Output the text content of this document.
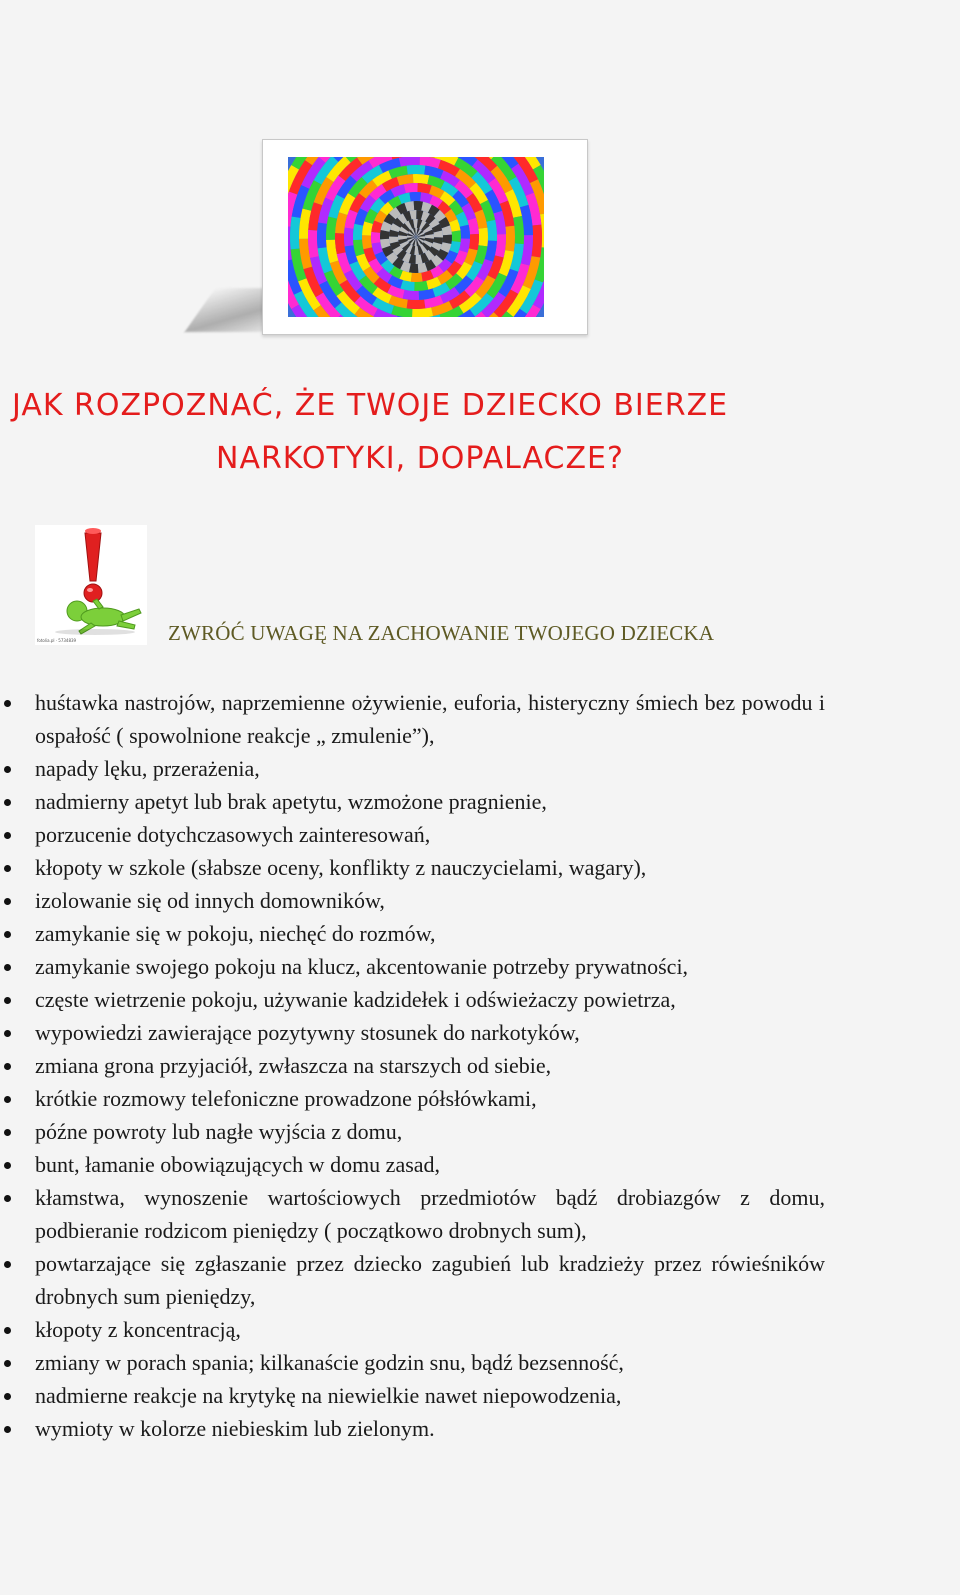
JAK ROZPOZNAĆ, ŻE TWOJE DZIECKO BIERZE
NARKOTYKI, DOPALACZE?
fotolia.pl · 5734839	ZWRÓĆ UWAGĘ NA ZACHOWANIE TWOJEGO DZIECKA
huśtawka nastrojów, naprzemienne ożywienie, euforia, histeryczny śmiech bez powodu i ospałość ( spowolnione reakcje „ zmulenie”),
napady lęku, przerażenia,
nadmierny apetyt lub brak apetytu, wzmożone pragnienie,
porzucenie dotychczasowych zainteresowań,
kłopoty w szkole (słabsze oceny, konflikty z nauczycielami, wagary),
izolowanie się od innych domowników,
zamykanie się w pokoju, niechęć do rozmów,
zamykanie swojego pokoju na klucz, akcentowanie potrzeby prywatności,
częste wietrzenie pokoju, używanie kadzidełek i odświeżaczy powietrza,
wypowiedzi zawierające pozytywny stosunek do narkotyków,
zmiana grona przyjaciół, zwłaszcza na starszych od siebie,
krótkie rozmowy telefoniczne prowadzone półsłówkami,
późne powroty lub nagłe wyjścia z domu,
bunt, łamanie obowiązujących w domu zasad,
kłamstwa, wynoszenie wartościowych przedmiotów bądź drobiazgów z domu, podbieranie rodzicom pieniędzy ( początkowo drobnych sum),
powtarzające się zgłaszanie przez dziecko zagubień lub kradzieży przez rówieśników drobnych sum pieniędzy,
kłopoty z koncentracją,
zmiany w porach spania; kilkanaście godzin snu, bądź bezsenność,
nadmierne reakcje na krytykę na niewielkie nawet niepowodzenia,
wymioty w kolorze niebieskim lub zielonym.
